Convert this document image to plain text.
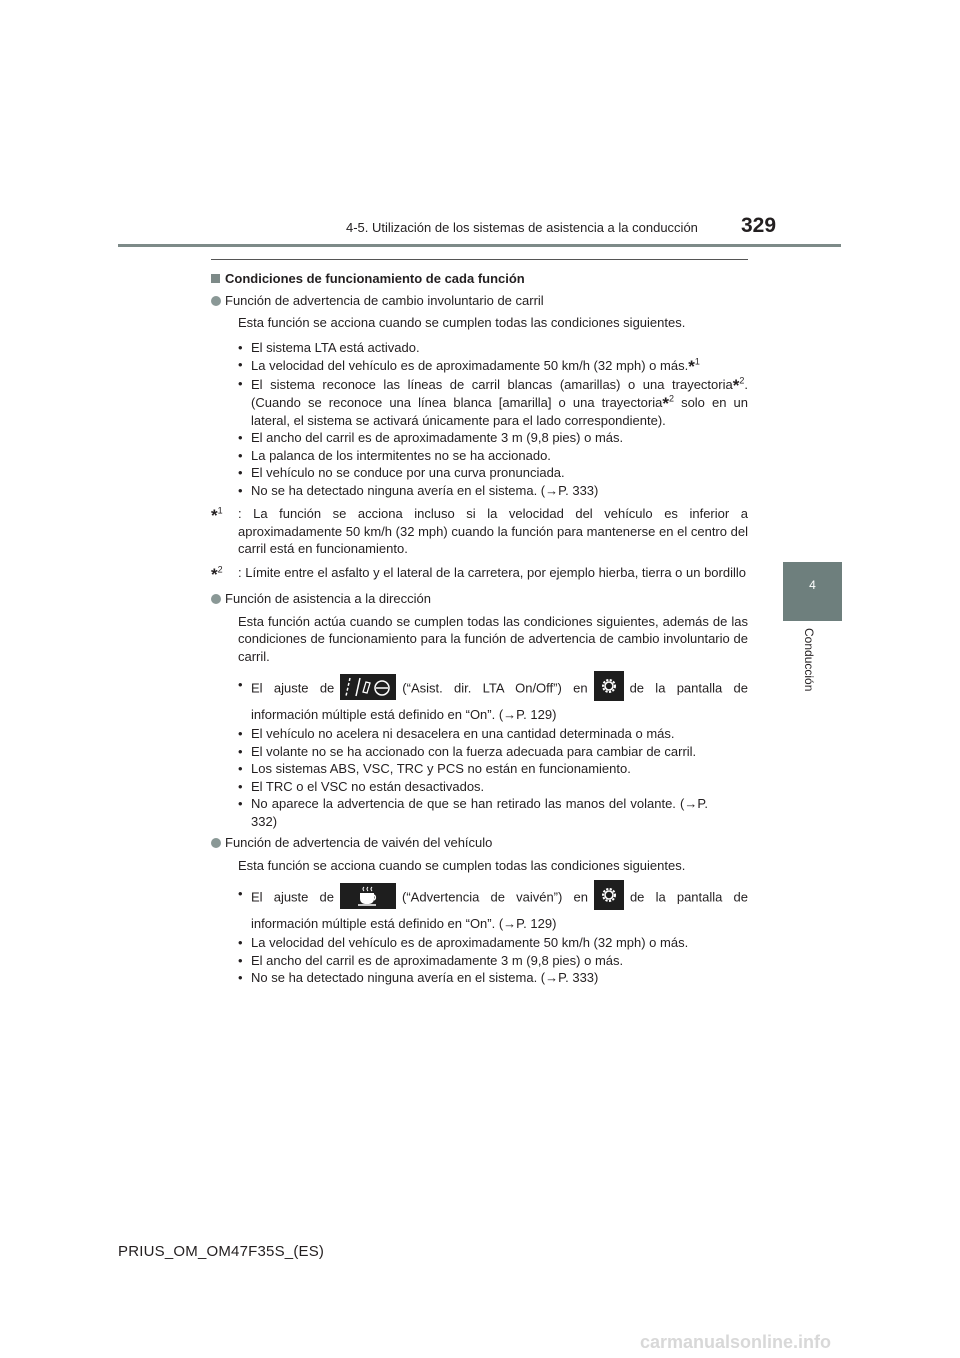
4-5. Utilización de los sistemas de asistencia a la conducción 329
4
Conducción
Condiciones de funcionamiento de cada función
Función de advertencia de cambio involuntario de carril
Esta función se acciona cuando se cumplen todas las condiciones siguientes.
• El sistema LTA está activado.
• La velocidad del vehículo es de aproximadamente 50 km/h (32 mph) o más.*$^1$
• El sistema reconoce las líneas de carril blancas (amarillas) o una trayectoria*$^2$. (Cuando se reconoce una línea blanca [amarilla] o una trayectoria*$^2$ solo en un lateral, el sistema se activará únicamente para el lado correspondiente).
• El ancho del carril es de aproximadamente 3 m (9,8 pies) o más.
• La palanca de los intermitentes no se ha accionado.
• El vehículo no se conduce por una curva pronunciada.
• No se ha detectado ninguna avería en el sistema. (→P. 333)
*$^1$	: La función se acciona incluso si la velocidad del vehículo es inferior a aproximadamente 50 km/h (32 mph) cuando la función para mantenerse en el centro del carril está en funcionamiento.
*$^2$	: Límite entre el asfalto y el lateral de la carretera, por ejemplo hierba, tierra o un bordillo
Función de asistencia a la dirección
Esta función actúa cuando se cumplen todas las condiciones siguientes, además de las condiciones de funcionamiento para la función de advertencia de cambio involuntario de carril.
• El ajuste de	(“Asist. dir. LTA On/Off”) en	de la pantalla de información múltiple está definido en “On”. (→P. 129)
• El vehículo no acelera ni desacelera en una cantidad determinada o más.
• El volante no se ha accionado con la fuerza adecuada para cambiar de carril.
• Los sistemas ABS, VSC, TRC y PCS no están en funcionamiento.
• El TRC o el VSC no están desactivados.
• No aparece la advertencia de que se han retirado las manos del volante. (→P. 332)
Función de advertencia de vaivén del vehículo
Esta función se acciona cuando se cumplen todas las condiciones siguientes.
• El ajuste de	(“Advertencia de vaivén”) en	de la pantalla de información múltiple está definido en “On”. (→P. 129)
• La velocidad del vehículo es de aproximadamente 50 km/h (32 mph) o más.
• El ancho del carril es de aproximadamente 3 m (9,8 pies) o más.
• No se ha detectado ninguna avería en el sistema. (→P. 333)
PRIUS_OM_OM47F35S_(ES)
carmanualsonline.info
